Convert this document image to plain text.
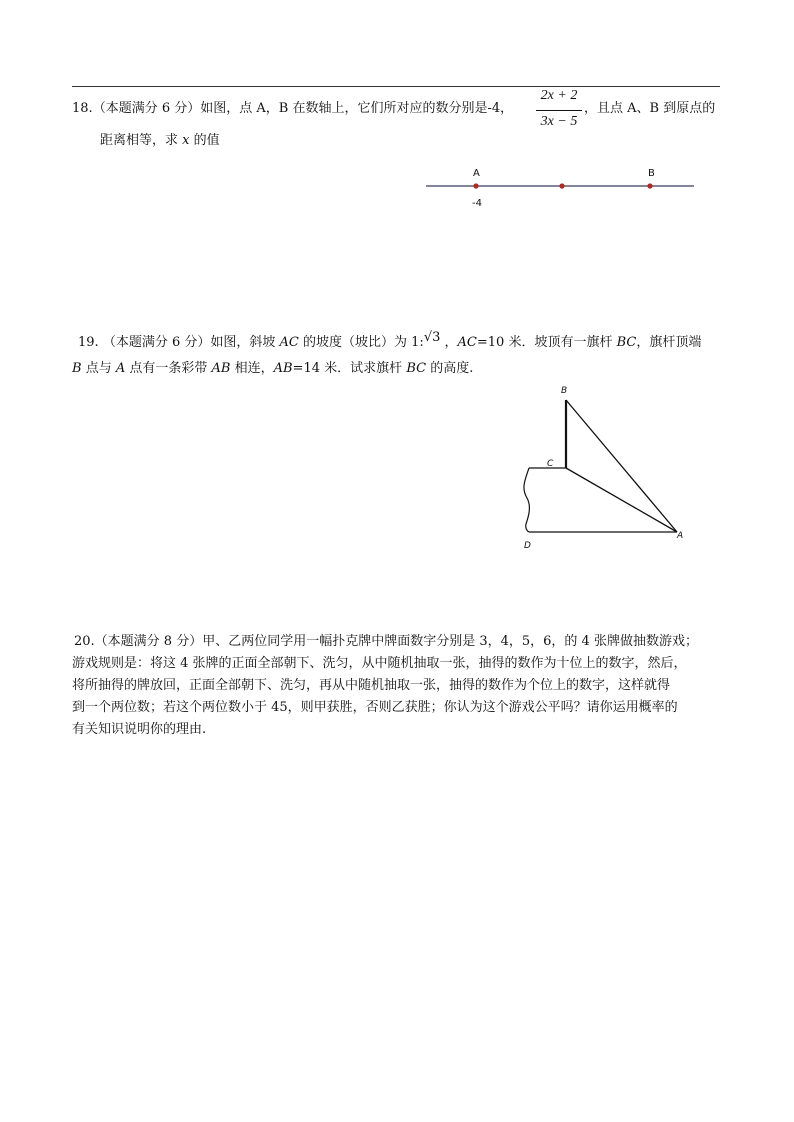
18.（本题满分 6 分）如图，点 A，B 在数轴上，它们所对应的数分别是-4，
2x + 2
3x − 5
，且点 A、B 到原点的
距离相等，求 x 的值
A	B
-4
19. （本题满分 6 分）如图，斜坡 AC 的坡度（坡比）为 1:√3 ，AC=10 米．坡顶有一旗杆 BC，旗杆顶端
B 点与 A 点有一条彩带 AB 相连，AB=14 米．试求旗杆 BC 的高度.
B
C
D
A
20.（本题满分 8 分）甲、乙两位同学用一幅扑克牌中牌面数字分别是 3，4，5，6，的 4 张牌做抽数游戏；
游戏规则是：将这 4 张牌的正面全部朝下、洗匀，从中随机抽取一张，抽得的数作为十位上的数字，然后，
将所抽得的牌放回，正面全部朝下、洗匀，再从中随机抽取一张，抽得的数作为个位上的数字，这样就得
到一个两位数；若这个两位数小于 45，则甲获胜，否则乙获胜；你认为这个游戏公平吗？请你运用概率的
有关知识说明你的理由.
